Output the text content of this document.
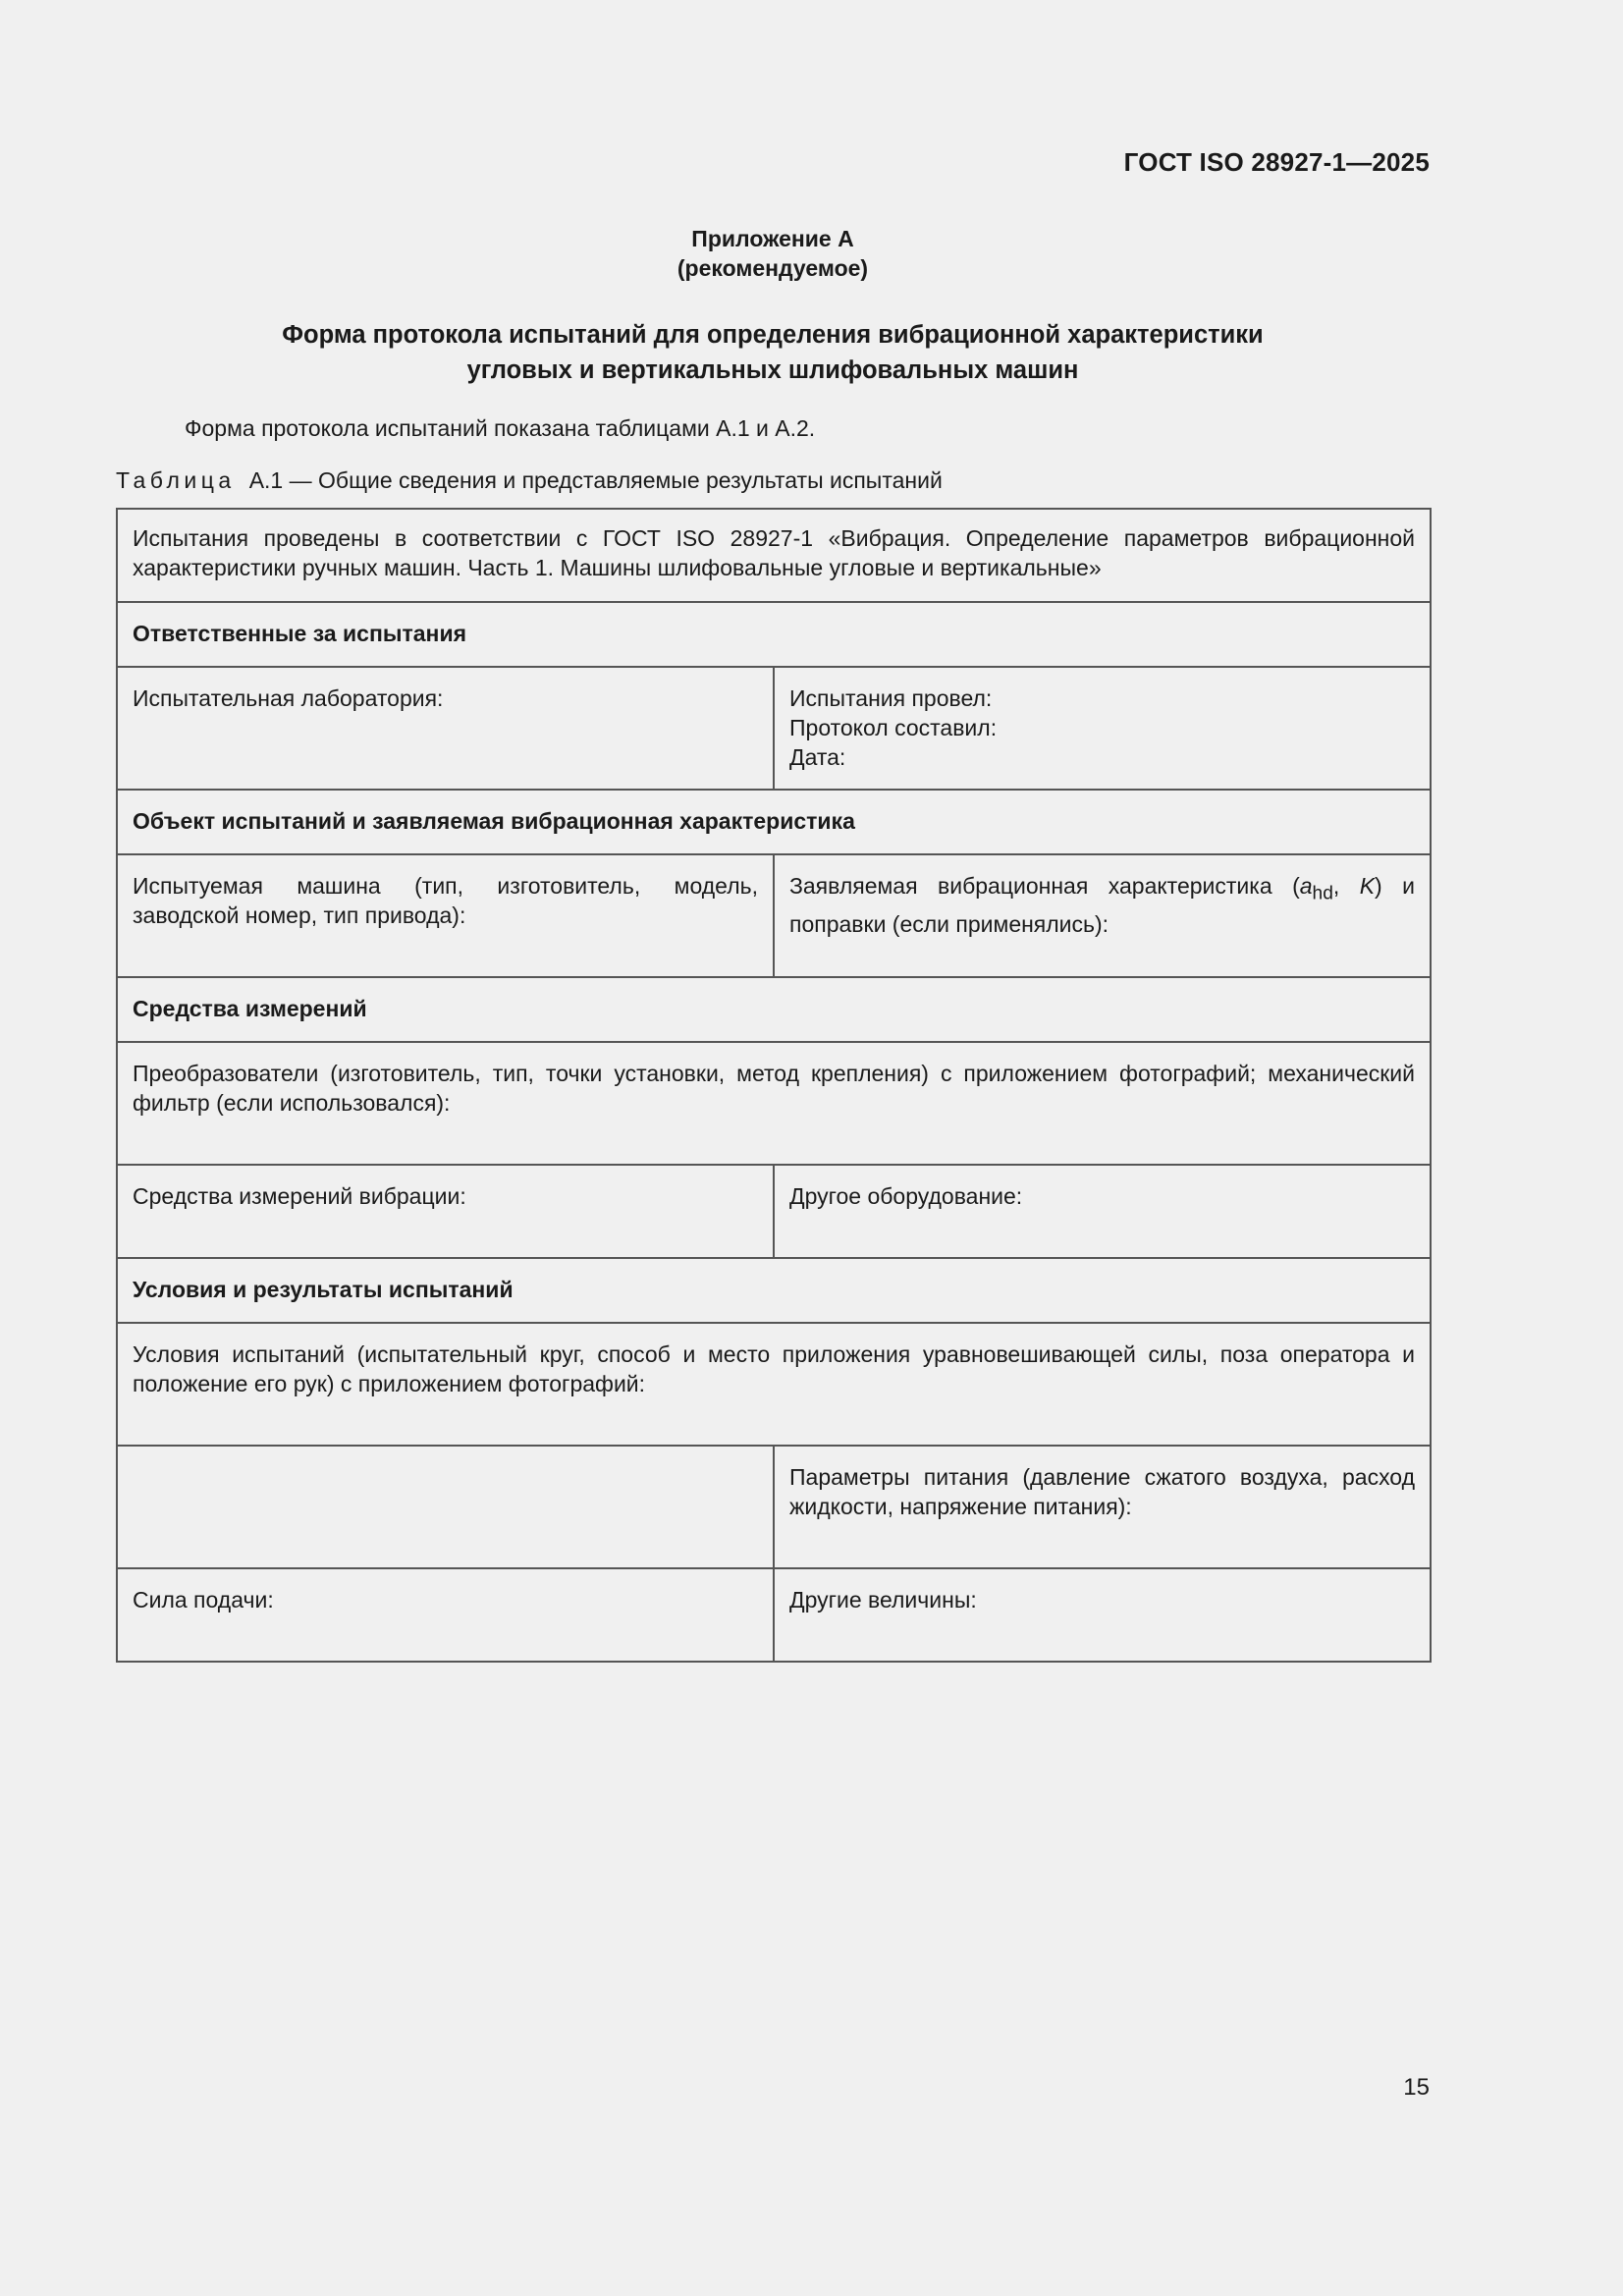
ГОСТ ISO 28927-1—2025
Приложение А
(рекомендуемое)
Форма протокола испытаний для определения вибрационной характеристики
угловых и вертикальных шлифовальных машин
Форма протокола испытаний показана таблицами А.1 и А.2.
Таблица А.1 — Общие сведения и представляемые результаты испытаний
Испытания проведены в соответствии с ГОСТ ISO 28927-1 «Вибрация. Определение параметров вибрационной характеристики ручных машин. Часть 1. Машины шлифовальные угловые и вертикальные»	
Ответственные за испытания	
Испытательная лаборатория:	Испытания провел:
Протокол составил:
Дата:

Объект испытаний и заявляемая вибрационная характеристика	
Испытуемая машина (тип, изготовитель, модель, заводской номер, тип привода):	Заявляемая вибрационная характеристика ($a_{hd}$, K) и поправки (если применялись):
Средства измерений	
Преобразователи (изготовитель, тип, точки установки, метод крепления) с приложением фотографий; механический фильтр (если использовался):	
Средства измерений вибрации:	Другое оборудование:
Условия и результаты испытаний	
Условия испытаний (испытательный круг, способ и место приложения уравновешивающей силы, поза оператора и положение его рук) с приложением фотографий:	
	Параметры питания (давление сжатого воздуха, расход жидкости, напряжение питания):
Сила подачи:	Другие величины:
15
